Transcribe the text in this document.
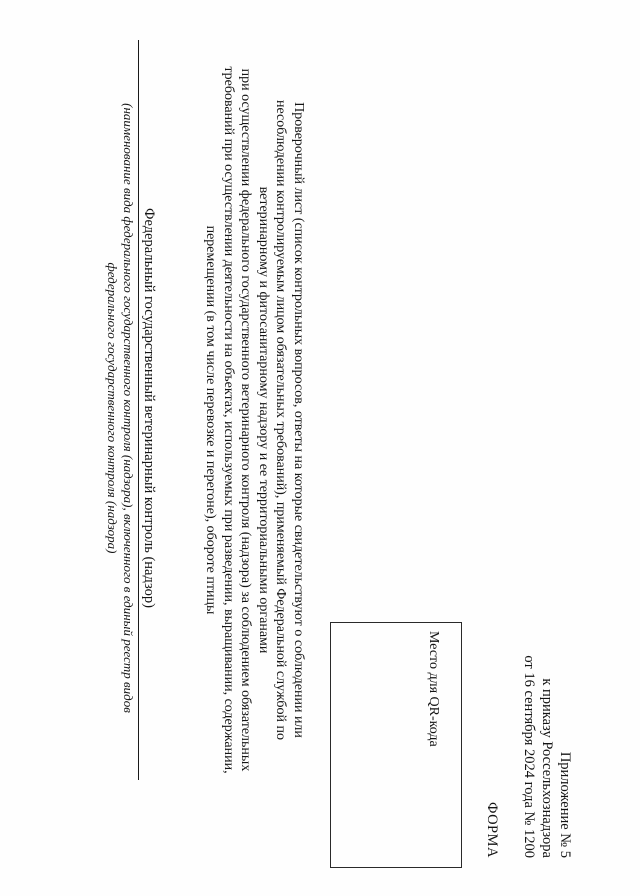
Приложение № 5
к приказу Россельхознадзора
от 16 сентября 2024 года № 1200
ФОРМА
Место для QR-кода
Проверочный лист (список контрольных вопросов, ответы на которые свидетельствуют о соблюдении или
несоблюдении контролируемым лицом обязательных требований), применяемый Федеральной службой по
ветеринарному и фитосанитарному надзору и ее территориальными органами
при осуществлении федерального государственного ветеринарного контроля (надзора) за соблюдением обязательных
требований при осуществлении деятельности на объектах, используемых при разведении, выращивании, содержании,
перемещении (в том числе перевозке и перегоне), обороте птицы
Федеральный государственный ветеринарный контроль (надзор)
(наименование вида федерального государственного контроля (надзора), включенного в единый реестр видов
федерального государственного контроля (надзора)
